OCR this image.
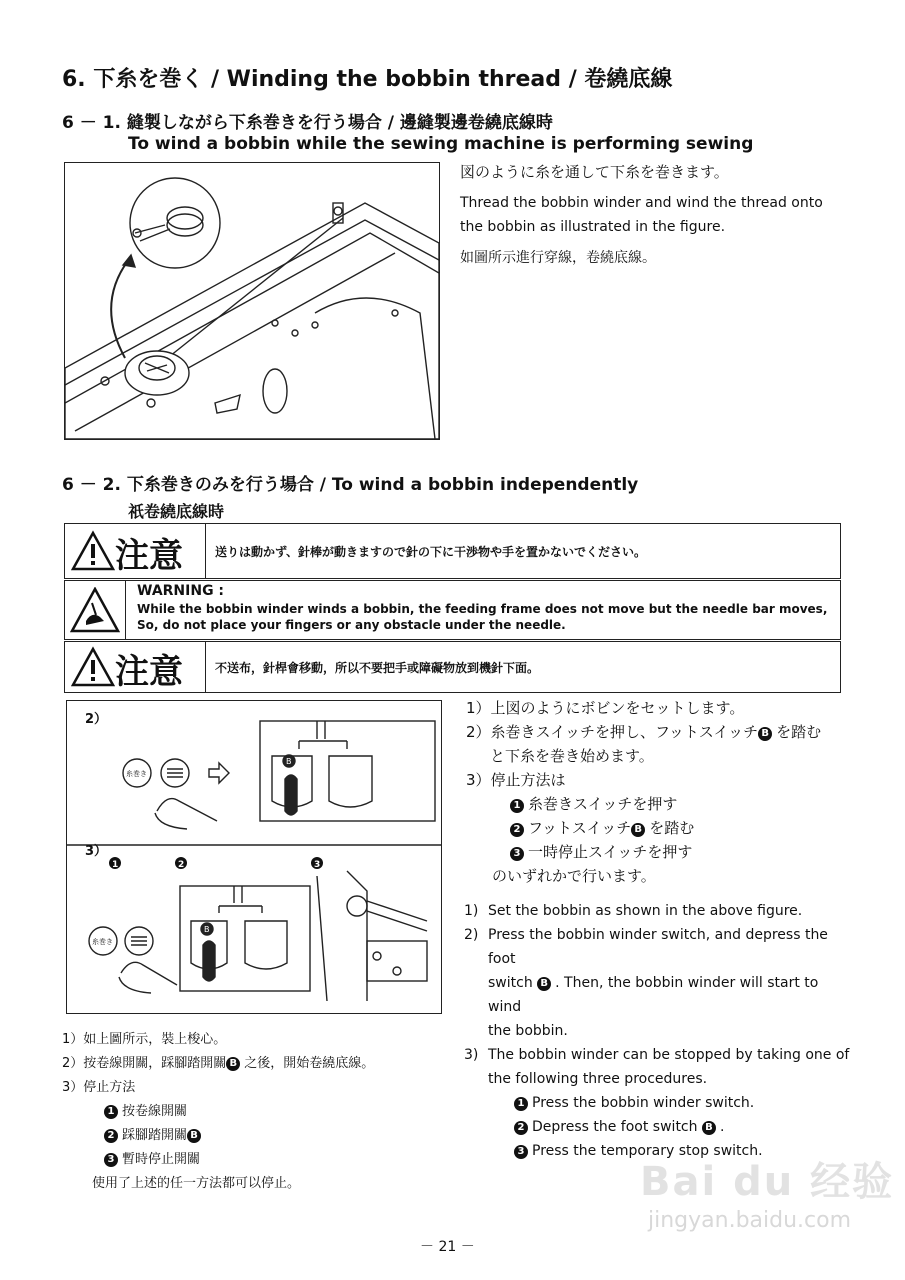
6. 下糸を巻く / Winding the bobbin thread / 卷繞底線
6 － 1. 縫製しながら下糸巻きを行う場合 / 邊縫製邊卷繞底線時
To wind a bobbin while the sewing machine is performing sewing
図のように糸を通して下糸を巻きます。
Thread the bobbin winder and wind the thread onto the bobbin as illustrated in the figure.
如圖所示進行穿線，卷繞底線。
6 － 2. 下糸巻きのみを行う場合 / To wind a bobbin independently
祇卷繞底線時
注意	送りは動かず、針棒が動きますので針の下に干渉物や手を置かないでください。
WARNING :
While the bobbin winder winds a bobbin, the feeding frame does not move but the needle bar moves, So, do not place your fingers or any obstacle under the needle.
注意	不送布，針桿會移動，所以不要把手或障礙物放到機針下面。
2）
3）
1	2	3
糸巻き
糸巻き
B
B
1）上図のようにボビンをセットします。
2）糸巻きスイッチを押し、フットスイッチ B を踏む
と下糸を巻き始めます。
3）停止方法は
1 糸巻きスイッチを押す
2 フットスイッチ B を踏む
3 一時停止スイッチを押す
のいずれかで行います。
1) Set the bobbin as shown in the above figure.
2) Press the bobbin winder switch, and depress the foot
switch B . Then, the bobbin winder will start to wind
the bobbin.
3) The bobbin winder can be stopped by taking one of
the following three procedures.
1 Press the bobbin winder switch.
2 Depress the foot switch B .
3 Press the temporary stop switch.
1）如上圖所示，裝上梭心。
2）按卷線開關，踩腳踏開關 B 之後，開始卷繞底線。
3）停止方法
1 按卷線開關
2 踩腳踏開關 B
3 暫時停止開關
使用了上述的任一方法都可以停止。	Bai du 经验
jingyan.baidu.com
－ 21 －
